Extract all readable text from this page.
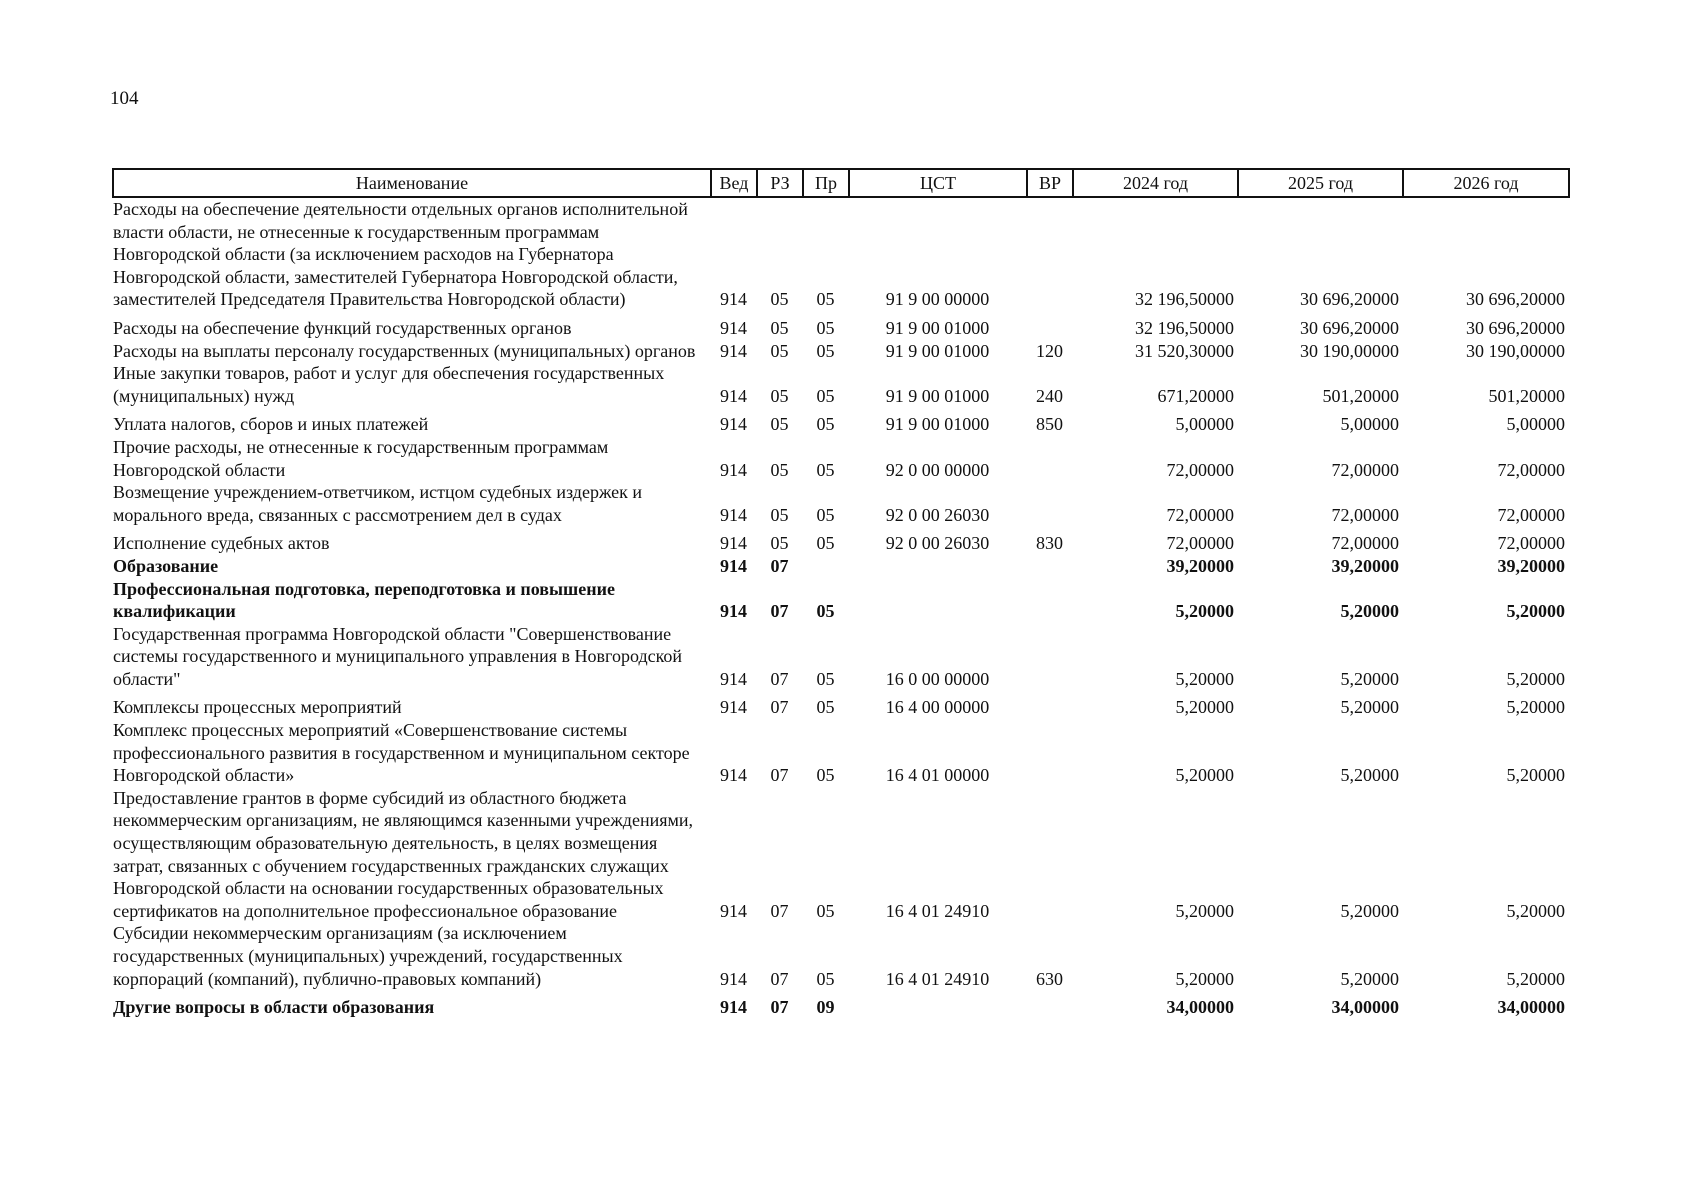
104
Наименование	Вед	РЗ	Пр	ЦСТ	ВР	2024 год	2025 год	2026 год
Расходы на обеспечение деятельности отдельных органов исполнительной власти области, не отнесенные к государственным программам Новгородской области (за исключением расходов на Губернатора Новгородской области, заместителей Губернатора Новгородской области, заместителей Председателя Правительства Новгородской области)	914	05	05	91 9 00 00000		32 196,50000	30 696,20000	30 696,20000
Расходы на обеспечение функций государственных органов	914	05	05	91 9 00 01000		32 196,50000	30 696,20000	30 696,20000
Расходы на выплаты персоналу государственных (муниципальных) органов	914	05	05	91 9 00 01000	120	31 520,30000	30 190,00000	30 190,00000
Иные закупки товаров, работ и услуг для обеспечения государственных (муниципальных) нужд	914	05	05	91 9 00 01000	240	671,20000	501,20000	501,20000
Уплата налогов, сборов и иных платежей	914	05	05	91 9 00 01000	850	5,00000	5,00000	5,00000
Прочие расходы, не отнесенные к государственным программам Новгородской области	914	05	05	92 0 00 00000		72,00000	72,00000	72,00000
Возмещение учреждением-ответчиком, истцом судебных издержек и морального вреда, связанных с рассмотрением дел в судах	914	05	05	92 0 00 26030		72,00000	72,00000	72,00000
Исполнение судебных актов	914	05	05	92 0 00 26030	830	72,00000	72,00000	72,00000
Образование	914	07				39,20000	39,20000	39,20000
Профессиональная подготовка, переподготовка и повышение квалификации	914	07	05			5,20000	5,20000	5,20000
Государственная программа Новгородской области "Совершенствование системы государственного и муниципального управления в Новгородской области"	914	07	05	16 0 00 00000		5,20000	5,20000	5,20000
Комплексы процессных мероприятий	914	07	05	16 4 00 00000		5,20000	5,20000	5,20000
Комплекс процессных мероприятий «Совершенствование системы профессионального развития в государственном и муниципальном секторе Новгородской области»	914	07	05	16 4 01 00000		5,20000	5,20000	5,20000
Предоставление грантов в форме субсидий из областного бюджета некоммерческим организациям, не являющимся казенными учреждениями, осуществляющим образовательную деятельность, в целях возмещения затрат, связанных с обучением государственных гражданских служащих Новгородской области на основании государственных образовательных сертификатов на дополнительное профессиональное образование	914	07	05	16 4 01 24910		5,20000	5,20000	5,20000
Субсидии некоммерческим организациям (за исключением государственных (муниципальных) учреждений, государственных корпораций (компаний), публично-правовых компаний)	914	07	05	16 4 01 24910	630	5,20000	5,20000	5,20000
Другие вопросы в области образования	914	07	09			34,00000	34,00000	34,00000
